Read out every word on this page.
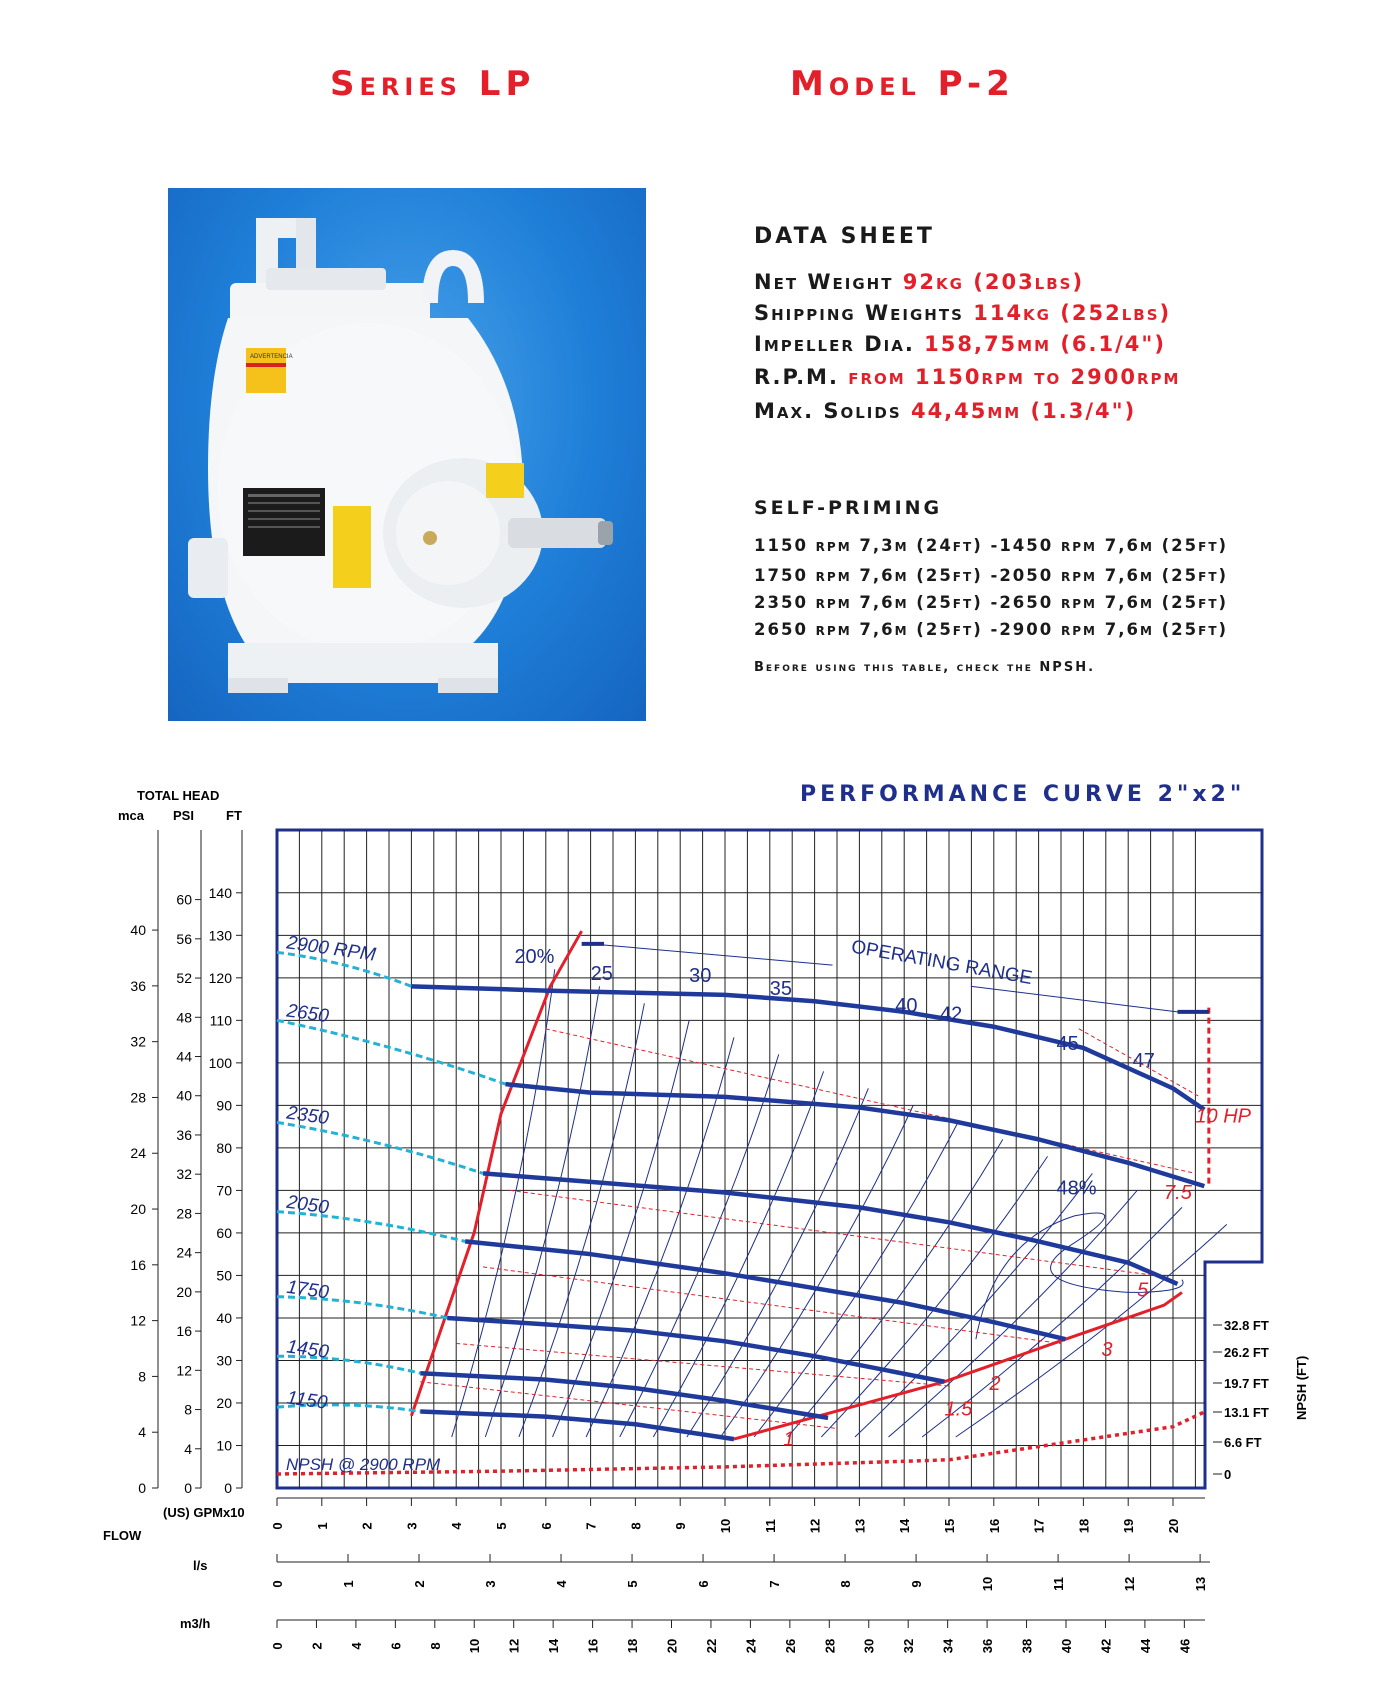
Series LP	Model P-2
ADVERTENCIA
DATA SHEET
Net Weight 92kg (203lbs)
Shipping Weights 114kg (252lbs)
Impeller Dia. 158,75mm (6.1/4")
R.P.M. from 1150rpm to 2900rpm
Max. Solids 44,45mm (1.3/4")
SELF-PRIMING
1150 rpm 7,3m (24ft) -1450 rpm 7,6m (25ft)
1750 rpm 7,6m (25ft) -2050 rpm 7,6m (25ft)
2350 rpm 7,6m (25ft) -2650 rpm 7,6m (25ft)
2650 rpm 7,6m (25ft) -2900 rpm 7,6m (25ft)
Before using this table, check the NPSH.
PERFORMANCE CURVE 2"x2"
TOTAL HEAD
mca PSI FT
0
4
8
12
16
20
24
28
32
36
40
0
4
8
12
16
20
24
28
32
36
40
44
48
52
56
60
0
10
20
30
40
50
60
70
80
90
100
110
120
130
140
FLOW
(US) GPMx10
l/s
m3/h
0 1 2 3 4 5 6 7 8 9 10 11 12 13 14 15 16 17 18 19 20
0	1	2	3	4	5	6	7	8	9	10	11	12	13
0 2 4 6 8 10 12 14 16 18 20 22 24 26 28 30 32 34 36 38 40 42 44 46
32.8 FT
26.2 FT
19.7 FT
13.1 FT
6.6 FT
0
NPSH (FT)
2900 RPM
2650
2350
2050
1750
1450
1150
NPSH @ 2900 RPM
20%
25	30
35
40 42
45
47
48%
1
1.5
2
3
5
7.5
10 HP
OPERATING RANGE
